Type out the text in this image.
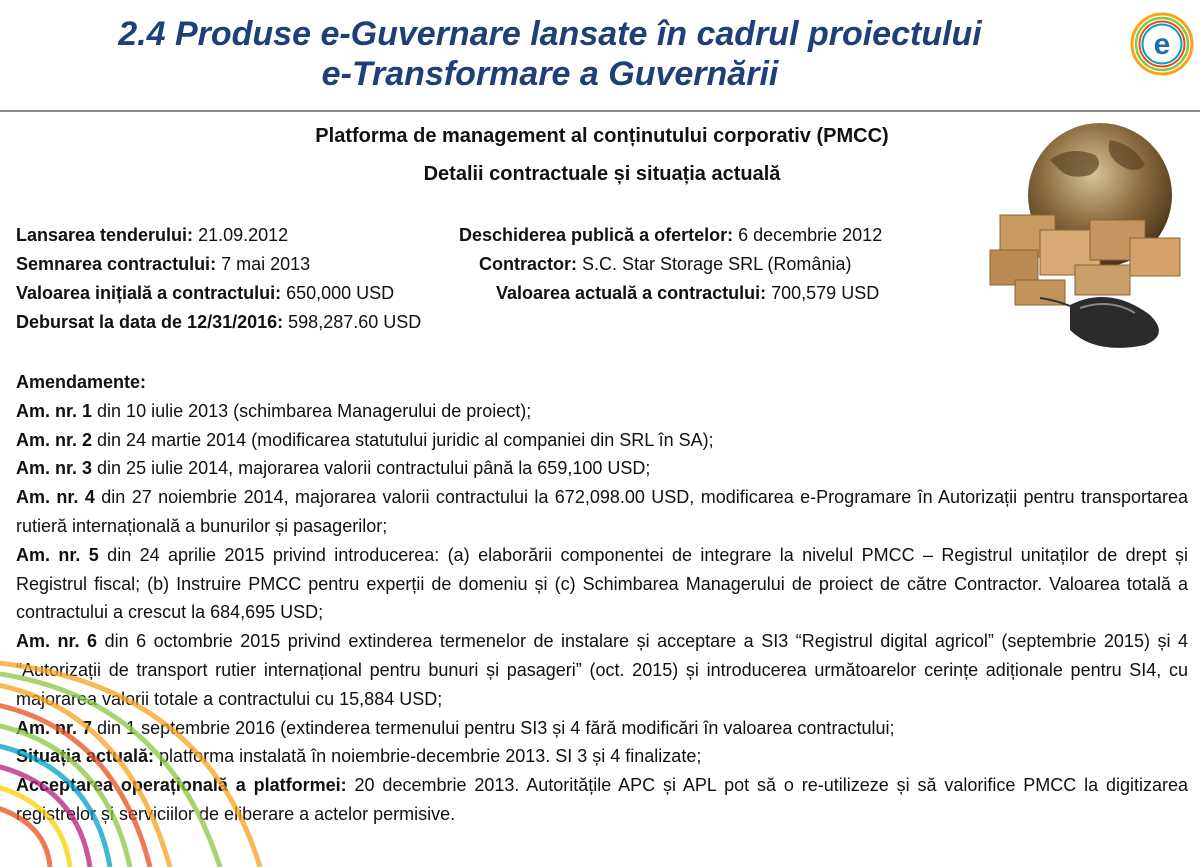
2.4 Produse e-Guvernare lansate în cadrul proiectului
e-Transformare a Guvernării
e
Platforma de management al conținutului corporativ (PMCC)
Detalii contractuale și situația actuală
Lansarea tenderului: 21.09.2012	Deschiderea publică a ofertelor: 6 decembrie 2012
Semnarea contractului: 7 mai 2013	Contractor: S.C. Star Storage SRL (România)
Valoarea inițială a contractului: 650,000 USD	Valoarea actuală a contractului: 700,579 USD
Debursat la data de 12/31/2016: 598,287.60 USD

Amendamente:

Am. nr. 1 din 10 iulie 2013 (schimbarea Managerului de proiect);

Am. nr. 2 din 24 martie 2014 (modificarea statutului juridic al companiei din SRL în SA);

Am. nr. 3 din 25 iulie 2014, majorarea valorii contractului până la 659,100 USD;

Am. nr. 4 din 27 noiembrie 2014, majorarea valorii contractului la 672,098.00 USD, modificarea e-Programare în Autorizații pentru transportarea rutieră internațională a bunurilor și pasagerilor;

Am. nr. 5 din 24 aprilie 2015 privind introducerea: (a) elaborării componentei de integrare la nivelul PMCC – Registrul unitaților de drept și Registrul fiscal; (b) Instruire PMCC pentru experții de domeniu și (c) Schimbarea Managerului de proiect de către Contractor. Valoarea totală a contractului a crescut la 684,695 USD;

Am. nr. 6 din 6 octombrie 2015 privind extinderea termenelor de instalare și acceptare a SI3 “Registrul digital agricol” (septembrie 2015) și 4 “Autorizații de transport rutier internațional pentru bunuri și pasageri” (oct. 2015) și introducerea următoarelor cerințe adiționale pentru SI4, cu majorarea valorii totale a contractului cu 15,884 USD;

Am. nr. 7 din 1 septembrie 2016 (extinderea termenului pentru SI3 și 4 fără modificări în valoarea contractului;

Situația actuală: platforma instalată în noiembrie-decembrie 2013. SI 3 și 4 finalizate;

Acceptarea operațională a platformei: 20 decembrie 2013. Autoritățile APC și APL pot să o re-utilizeze și să valorifice PMCC la digitizarea registrelor și serviciilor de eliberare a actelor permisive.
